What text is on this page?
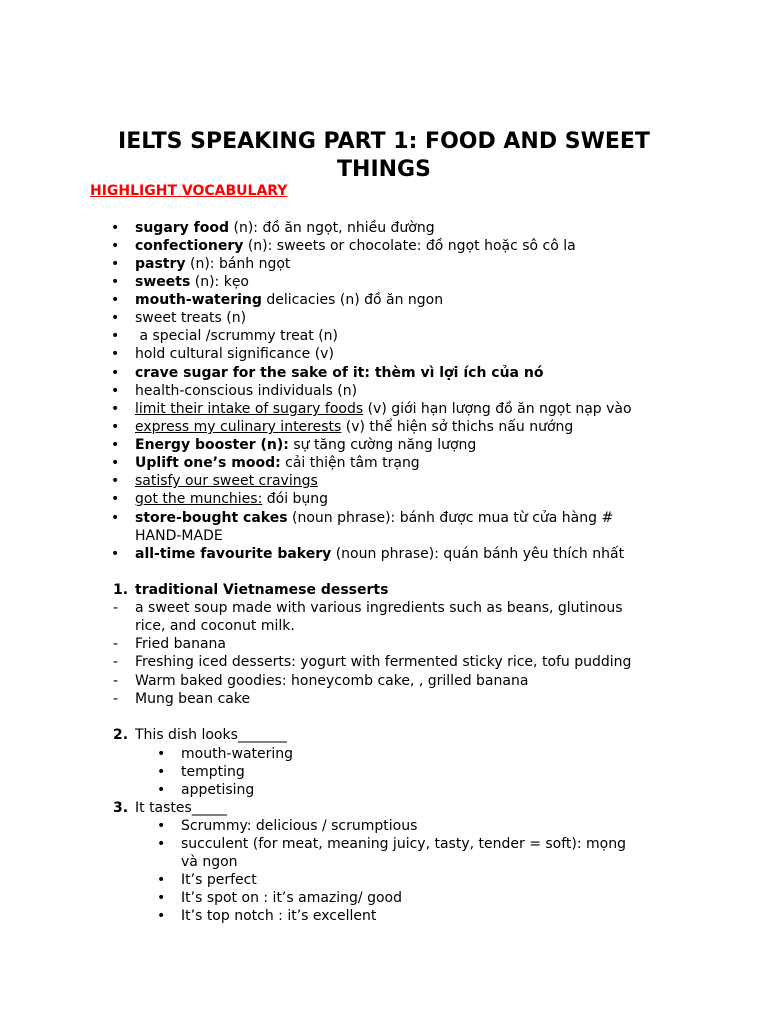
IELTS SPEAKING PART 1: FOOD AND SWEET THINGS
HIGHLIGHT VOCABULARY
• sugary food (n): đồ ăn ngọt, nhiều đường
• confectionery (n): sweets or chocolate: đồ ngọt hoặc sô cô la
• pastry (n): bánh ngọt
• sweets (n): kẹo
• mouth-watering delicacies (n) đồ ăn ngon
• sweet treats (n)
• a special /scrummy treat (n)
• hold cultural significance (v)
• crave sugar for the sake of it: thèm vì lợi ích của nó
• health-conscious individuals (n)
• limit their intake of sugary foods (v) giới hạn lượng đồ ăn ngọt nạp vào
• express my culinary interests (v) thể hiện sở thichs nấu nướng
• Energy booster (n): sự tăng cường năng lượng
• Uplift one’s mood: cải thiện tâm trạng
• satisfy our sweet cravings
• got the munchies: đói bụng
• store-bought cakes (noun phrase): bánh được mua từ cửa hàng #
HAND-MADE
• all-time favourite bakery (noun phrase): quán bánh yêu thích nhất
1. traditional Vietnamese desserts
- a sweet soup made with various ingredients such as beans, glutinous
rice, and coconut milk.
- Fried banana
- Freshing iced desserts: yogurt with fermented sticky rice, tofu pudding
- Warm baked goodies: honeycomb cake, , grilled banana
- Mung bean cake
2. This dish looks_______
• mouth-watering
• tempting
• appetising
3. It tastes_____
• Scrummy: delicious / scrumptious
• succulent (for meat, meaning juicy, tasty, tender = soft): mọng
và ngon
• It’s perfect
• It’s spot on : it’s amazing/ good
• It’s top notch : it’s excellent
